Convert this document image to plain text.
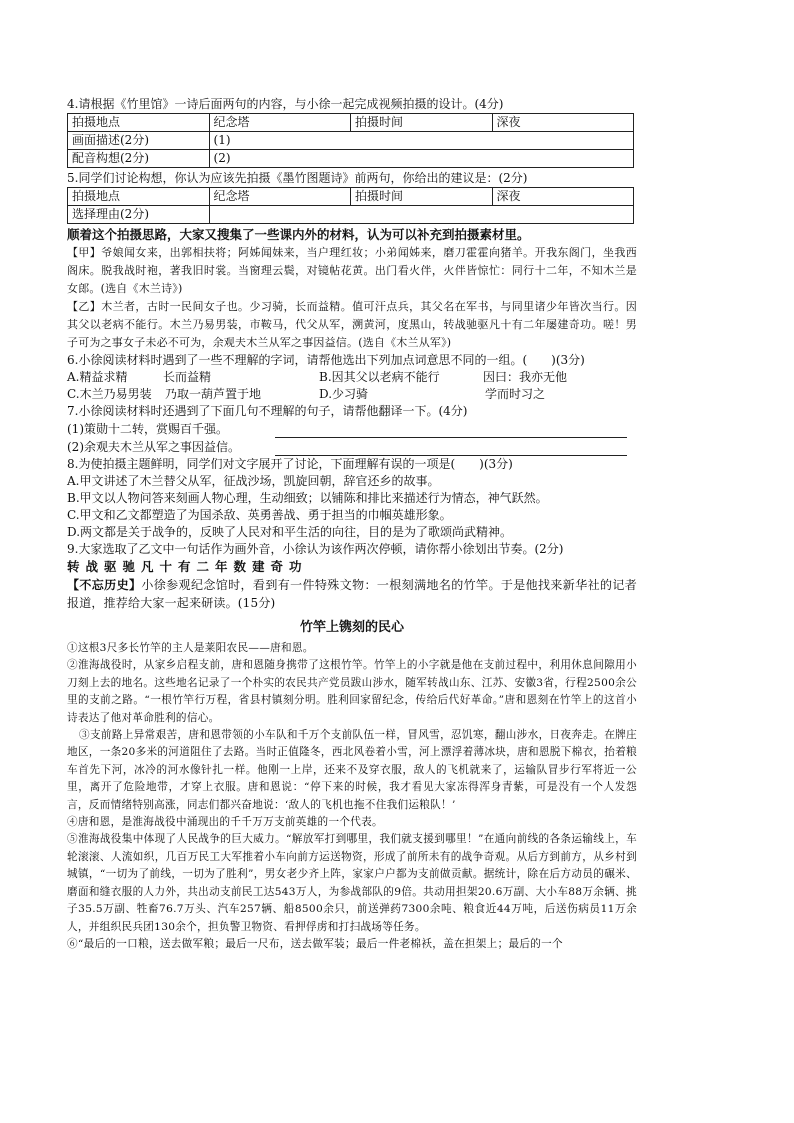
4.请根据《竹里馆》一诗后面两句的内容，与小徐一起完成视频拍摄的设计。(4分)

拍摄地点	纪念塔	拍摄时间	深夜
画面描述(2分)	(1)		
配音构想(2分)	(2)		

5.同学们讨论构想，你认为应该先拍摄《墨竹图题诗》前两句，你给出的建议是：(2分)

拍摄地点	纪念塔	拍摄时间	深夜
选择理由(2分)			

顺着这个拍摄思路，大家又搜集了一些课内外的材料，认为可以补充到拍摄素材里。

【甲】爷娘闻女来，出郭相扶将；阿姊闻妹来，当户理红妆；小弟闻姊来，磨刀霍霍向猪羊。开我东阁门，坐我西阁床。脱我战时袍，著我旧时裳。当窗理云鬓，对镜帖花黄。出门看火伴，火伴皆惊忙：同行十二年，不知木兰是女郎。(选自《木兰诗》)

【乙】木兰者，古时一民间女子也。少习骑，长而益精。值可汗点兵，其父名在军书，与同里诸少年皆次当行。因其父以老病不能行。木兰乃易男装，市鞍马，代父从军，溯黄河，度黑山，转战驰驱凡十有二年屡建奇功。嗟！男子可为之事女子未必不可为，余观夫木兰从军之事因益信。(选自《木兰从军》)

6.小徐阅读材料时遇到了一些不理解的字词，请帮他选出下列加点词意思不同的一组。(　　)(3分)

A.精益求精	长而益精	B.因其父以老病不能行	因曰：我亦无他
C.木兰乃易男装	乃取一葫芦置于地	D.少习骑	学而时习之

7.小徐阅读材料时还遇到了下面几句不理解的句子，请帮他翻译一下。(4分)

(1)策勋十二转，赏赐百千强。
(2)余观夫木兰从军之事因益信。

8.为使拍摄主题鲜明，同学们对文字展开了讨论，下面理解有误的一项是(　　)(3分)

A.甲文讲述了木兰替父从军，征战沙场，凯旋回朝，辞官还乡的故事。

B.甲文以人物问答来刻画人物心理，生动细致；以铺陈和排比来描述行为情态，神气跃然。

C.甲文和乙文都塑造了为国杀敌、英勇善战、勇于担当的巾帼英雄形象。

D.两文都是关于战争的，反映了人民对和平生活的向往，目的是为了歌颂尚武精神。

9.大家选取了乙文中一句话作为画外音，小徐认为该作两次停顿，请你帮小徐划出节奏。(2分)

转战驱驰凡十有二年数建奇功

【不忘历史】小徐参观纪念馆时，看到有一件特殊文物：一根刻满地名的竹竿。于是他找来新华社的记者报道，推荐给大家一起来研读。(15分)

竹竿上镌刻的民心

①这根3尺多长竹竿的主人是莱阳农民——唐和恩。

②淮海战役时，从家乡启程支前，唐和恩随身携带了这根竹竿。竹竿上的小字就是他在支前过程中，利用休息间隙用小刀刻上去的地名。这些地名记录了一个朴实的农民共产党员跋山涉水，随军转战山东、江苏、安徽3省，行程2500余公里的支前之路。“一根竹竿行万程，省县村镇刻分明。胜利回家留纪念，传给后代好革命。”唐和恩刻在竹竿上的这首小诗表达了他对革命胜利的信心。

③支前路上异常艰苦，唐和恩带领的小车队和千万个支前队伍一样，冒风雪，忍饥寒，翻山涉水，日夜奔走。在牌庄地区，一条20多米的河道阻住了去路。当时正值隆冬，西北风卷着小雪，河上漂浮着薄冰块，唐和恩脱下棉衣，抬着粮车首先下河，冰冷的河水像针扎一样。他刚一上岸，还来不及穿衣服，敌人的飞机就来了，运输队冒步行军将近一公里，离开了危险地带，才穿上衣服。唐和恩说：“停下来的时候，我才看见大家冻得浑身青紫，可是没有一个人发怨言，反而情绪特别高涨，同志们都兴奋地说：‘敌人的飞机也拖不住我们运粮队！’

④唐和恩，是淮海战役中涌现出的千千万万支前英雄的一个代表。

⑤淮海战役集中体现了人民战争的巨大威力。“解放军打到哪里，我们就支援到哪里！”在通向前线的各条运输线上，车轮滚滚、人流如织，几百万民工大军推着小车向前方运送物资，形成了前所未有的战争奇观。从后方到前方，从乡村到城镇，“一切为了前线，一切为了胜利”，男女老少齐上阵，家家户户都为支前做贡献。据统计，除在后方动员的碾米、磨面和缝衣服的人力外，共出动支前民工达543万人，为参战部队的9倍。共动用担架20.6万副、大小车88万余辆、挑子35.5万副、牲畜76.7万头、汽车257辆、船8500余只，前送弹药7300余吨、粮食近44万吨，后送伤病员11万余人，并组织民兵团130余个，担负警卫物资、看押俘虏和打扫战场等任务。

⑥“最后的一口粮，送去做军粮；最后一尺布，送去做军装；最后一件老棉袄，盖在担架上；最后的一个
